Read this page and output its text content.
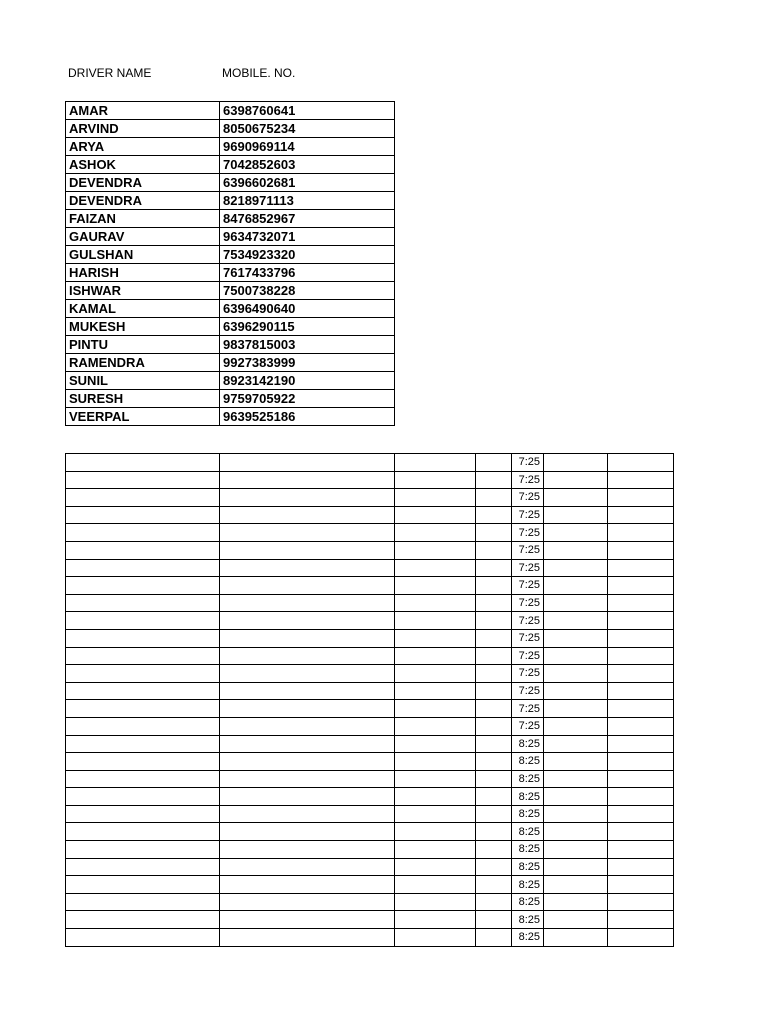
DRIVER NAME	MOBILE. NO.
AMAR	6398760641
ARVIND	8050675234
ARYA	9690969114
ASHOK	7042852603
DEVENDRA	6396602681
DEVENDRA	8218971113
FAIZAN	8476852967
GAURAV	9634732071
GULSHAN	7534923320
HARISH	7617433796
ISHWAR	7500738228
KAMAL	6396490640
MUKESH	6396290115
PINTU	9837815003
RAMENDRA	9927383999
SUNIL	8923142190
SURESH	9759705922
VEERPAL	9639525186
				7:25		
				7:25		
				7:25		
				7:25		
				7:25		
				7:25		
				7:25		
				7:25		
				7:25		
				7:25		
				7:25		
				7:25		
				7:25		
				7:25		
				7:25		
				7:25		
				8:25		
				8:25		
				8:25		
				8:25		
				8:25		
				8:25		
				8:25		
				8:25		
				8:25		
				8:25		
				8:25		
				8:25		
